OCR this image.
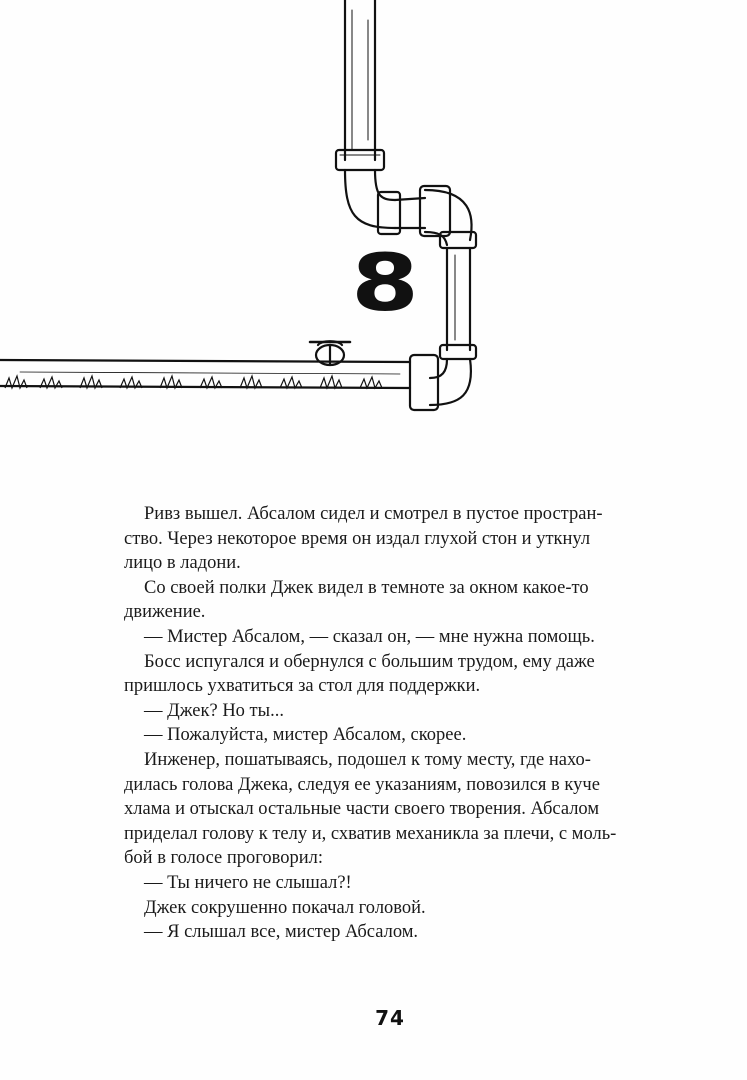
8

Ривз вышел. Абсалом сидел и смотрел в пустое простран-

ство. Через некоторое время он издал глухой стон и уткнул

лицо в ладони.

Со своей полки Джек видел в темноте за окном какое-то

движение.

— Мистер Абсалом, — сказал он, — мне нужна помощь.

Босс испугался и обернулся с большим трудом, ему даже

пришлось ухватиться за стол для поддержки.

— Джек? Но ты...

— Пожалуйста, мистер Абсалом, скорее.

Инженер, пошатываясь, подошел к тому месту, где нахо-

дилась голова Джека, следуя ее указаниям, повозился в куче

хлама и отыскал остальные части своего творения. Абсалом

приделал голову к телу и, схватив механикла за плечи, с моль-

бой в голосе проговорил:

— Ты ничего не слышал?!

Джек сокрушенно покачал головой.

— Я слышал все, мистер Абсалом.

74
